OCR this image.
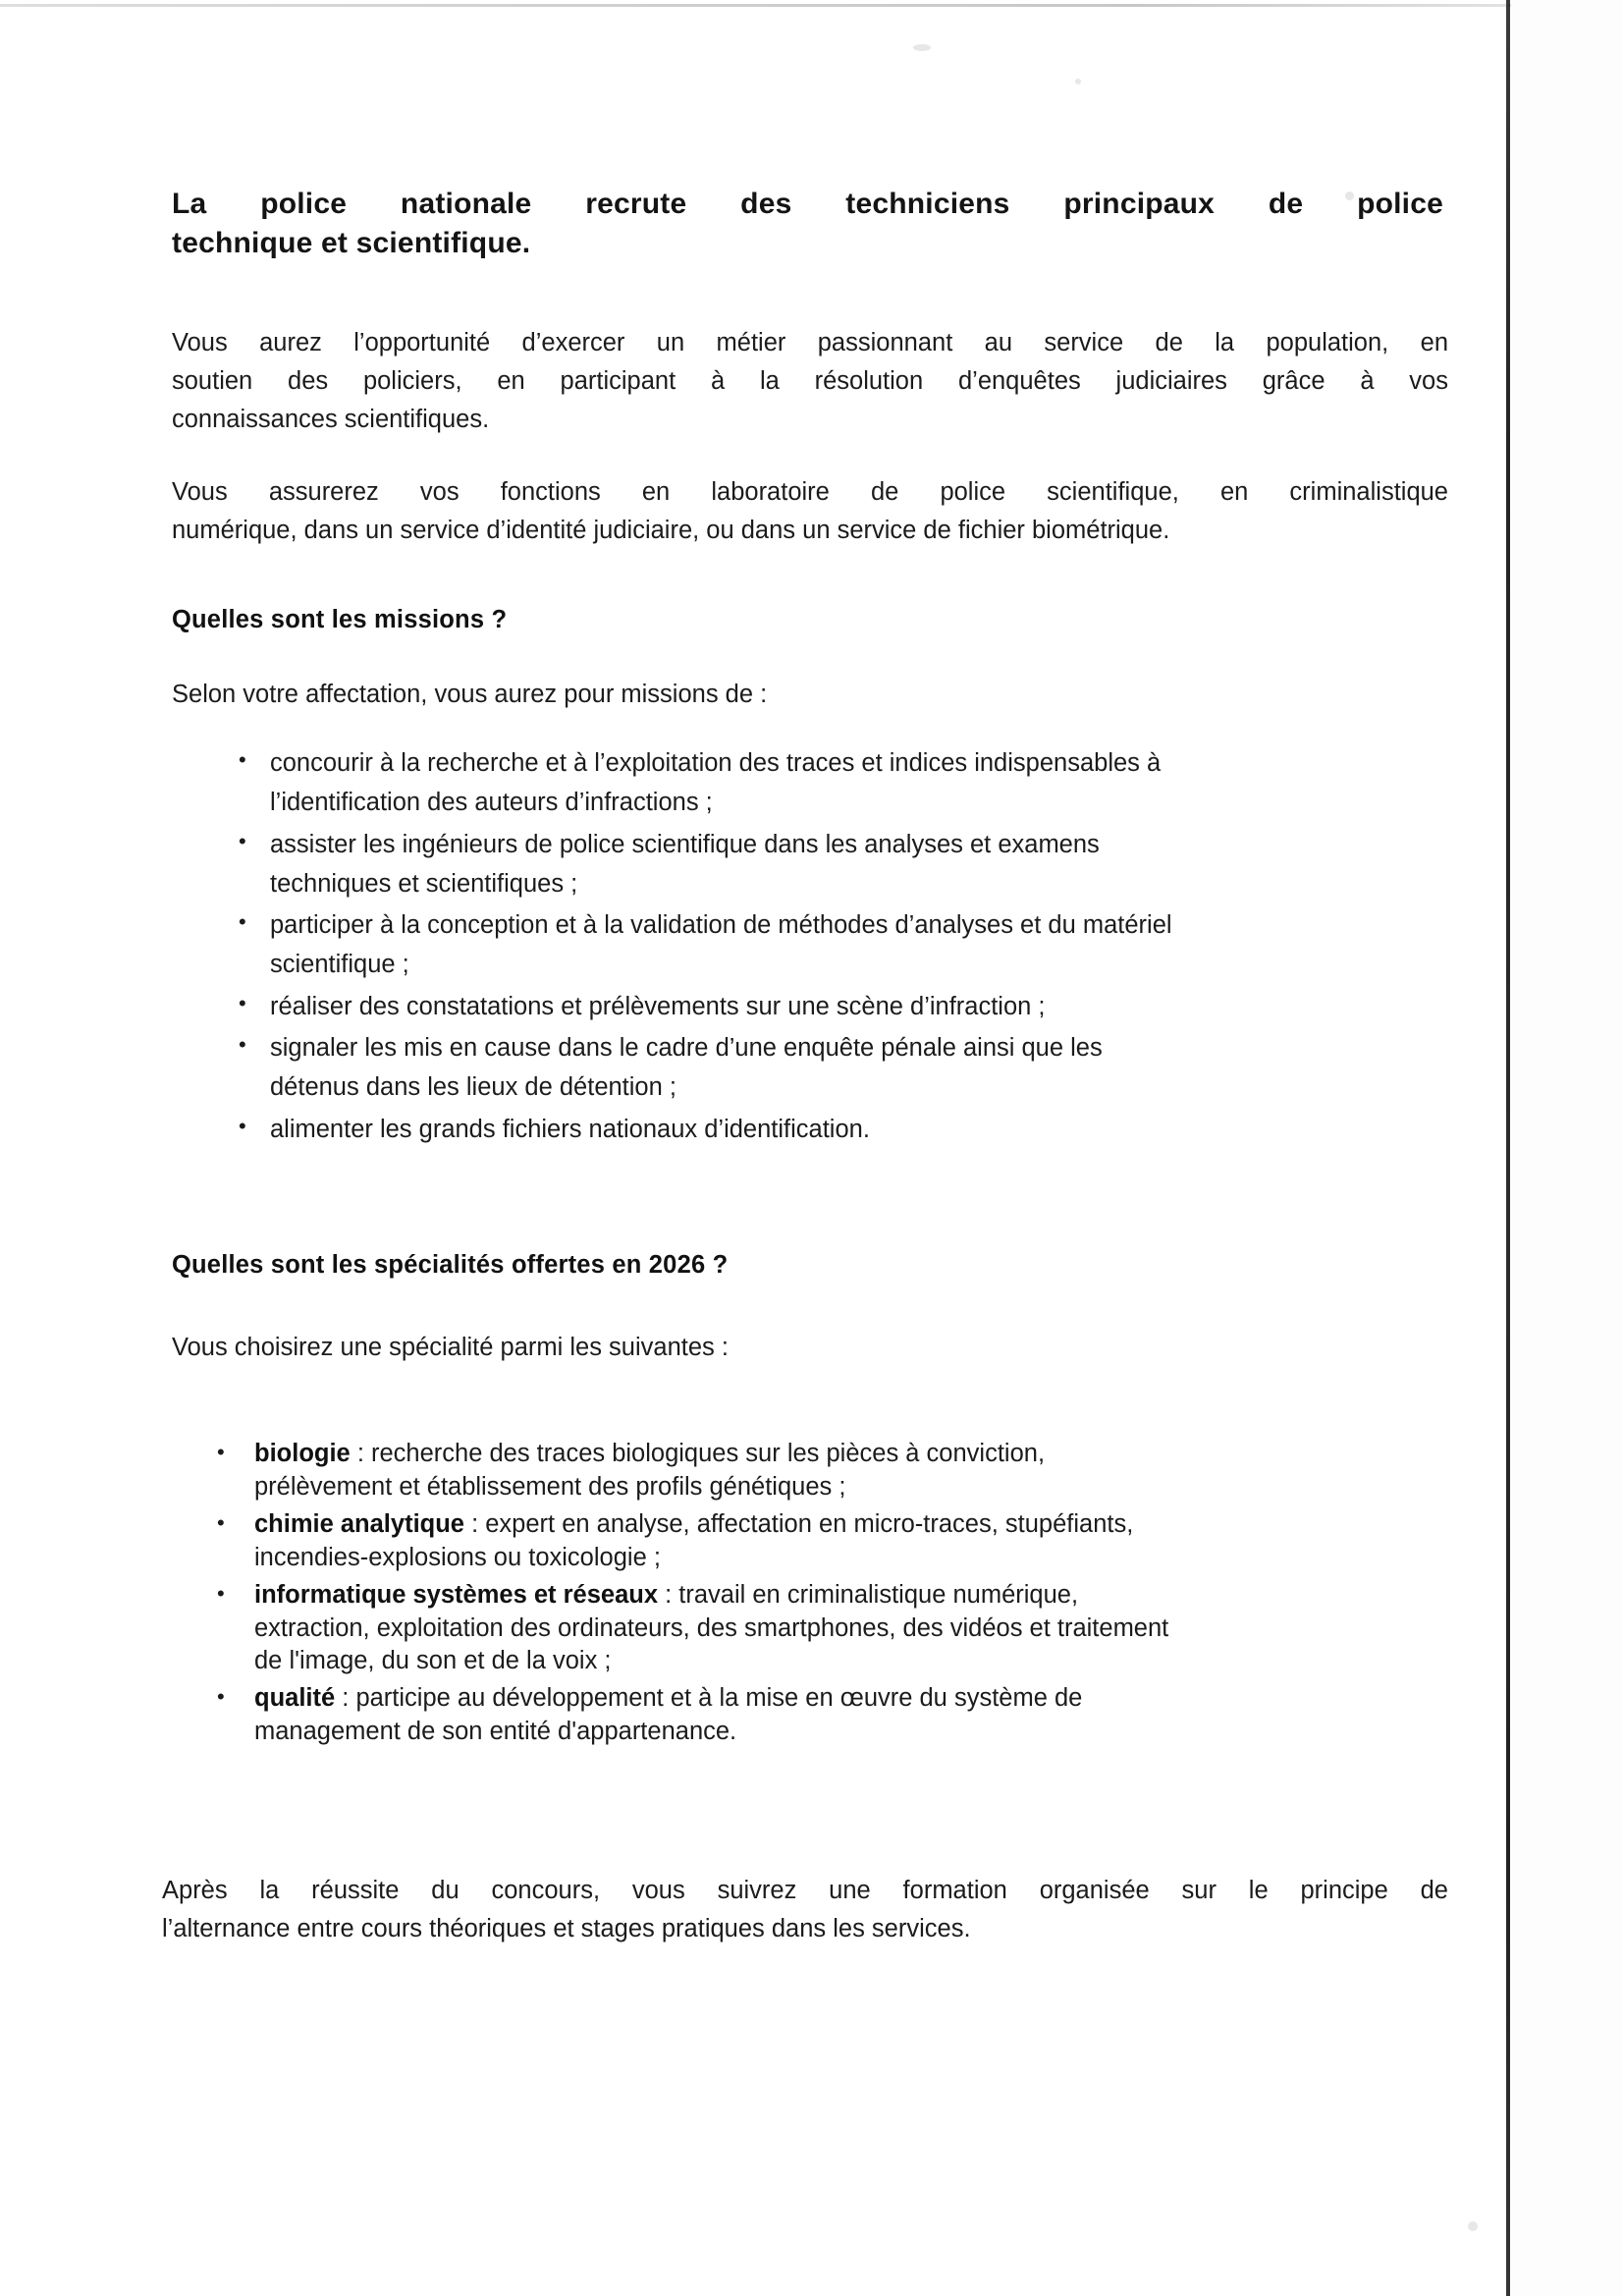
La police nationale recrute des techniciens principaux de police
technique et scientifique.
Vous aurez l’opportunité d’exercer un métier passionnant au service de la population, en
soutien des policiers, en participant à la résolution d’enquêtes judiciaires grâce à vos
connaissances scientifiques.
Vous assurerez vos fonctions en laboratoire de police scientifique, en criminalistique
numérique, dans un service d’identité judiciaire, ou dans un service de fichier biométrique.
Quelles sont les missions ?
Selon votre affectation, vous aurez pour missions de :
• concourir à la recherche et à l’exploitation des traces et indices indispensables à
l’identification des auteurs d’infractions ;
• assister les ingénieurs de police scientifique dans les analyses et examens
techniques et scientifiques ;
• participer à la conception et à la validation de méthodes d’analyses et du matériel
scientifique ;
• réaliser des constatations et prélèvements sur une scène d’infraction ;
• signaler les mis en cause dans le cadre d’une enquête pénale ainsi que les
détenus dans les lieux de détention ;
• alimenter les grands fichiers nationaux d’identification.
Quelles sont les spécialités offertes en 2026 ?
Vous choisirez une spécialité parmi les suivantes :
•	biologie : recherche des traces biologiques sur les pièces à conviction,
prélèvement et établissement des profils génétiques ;
•	chimie analytique : expert en analyse, affectation en micro-traces, stupéfiants,
incendies-explosions ou toxicologie ;
•	informatique systèmes et réseaux : travail en criminalistique numérique,
extraction, exploitation des ordinateurs, des smartphones, des vidéos et traitement
de l'image, du son et de la voix ;
•	qualité : participe au développement et à la mise en œuvre du système de
management de son entité d'appartenance.
Après la réussite du concours, vous suivrez une formation organisée sur le principe de
l’alternance entre cours théoriques et stages pratiques dans les services.
